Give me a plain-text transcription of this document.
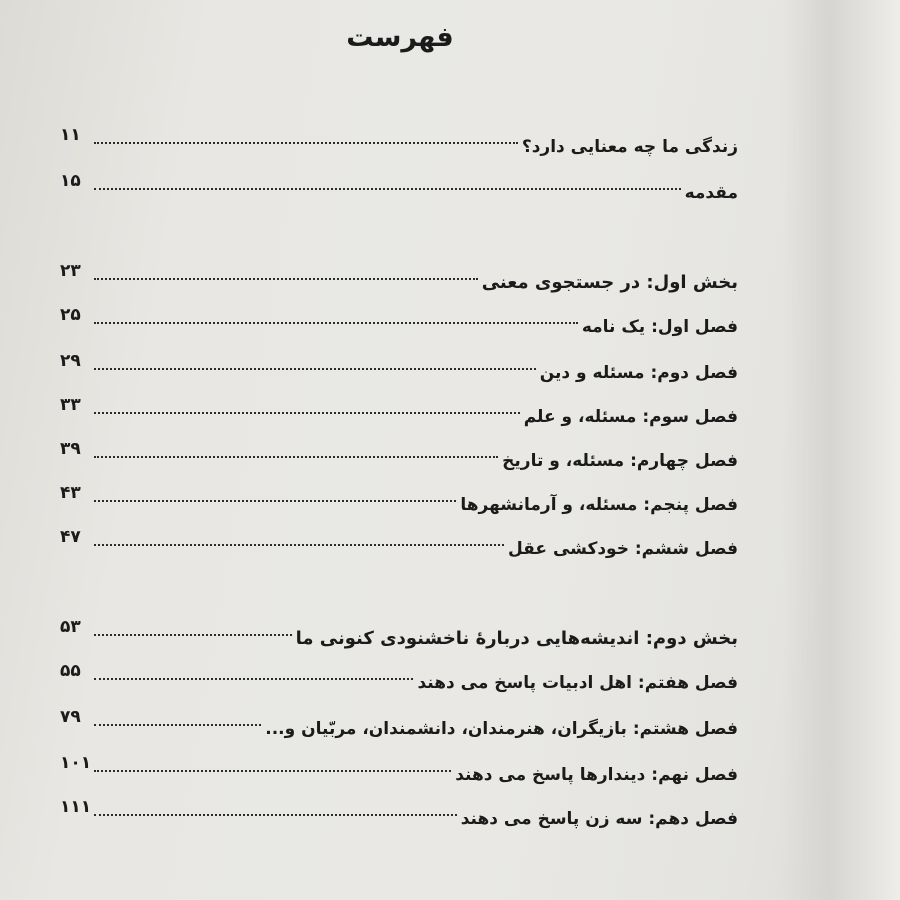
فهرست
زندگی ما چه معنایی دارد؟
۱۱
مقدمه
۱۵
بخش اول: در جستجوی معنی
۲۳
فصل اول: یک نامه
۲۵
فصل دوم: مسئله و دین
۲۹
فصل سوم: مسئله، و علم
۳۳
فصل چهارم: مسئله، و تاریخ
۳۹
فصل پنجم: مسئله، و آرمانشهرها
۴۳
فصل ششم: خودکشی عقل
۴۷
بخش دوم: اندیشه‌هایی دربارهٔ ناخشنودی کنونی ما
۵۳
فصل هفتم: اهل ادبیات پاسخ می دهند
۵۵
فصل هشتم: بازیگران، هنرمندان، دانشمندان، مربّیان و...
۷۹
فصل نهم: دیندارها پاسخ می دهند
۱۰۱
فصل دهم: سه زن پاسخ می دهند
۱۱۱
